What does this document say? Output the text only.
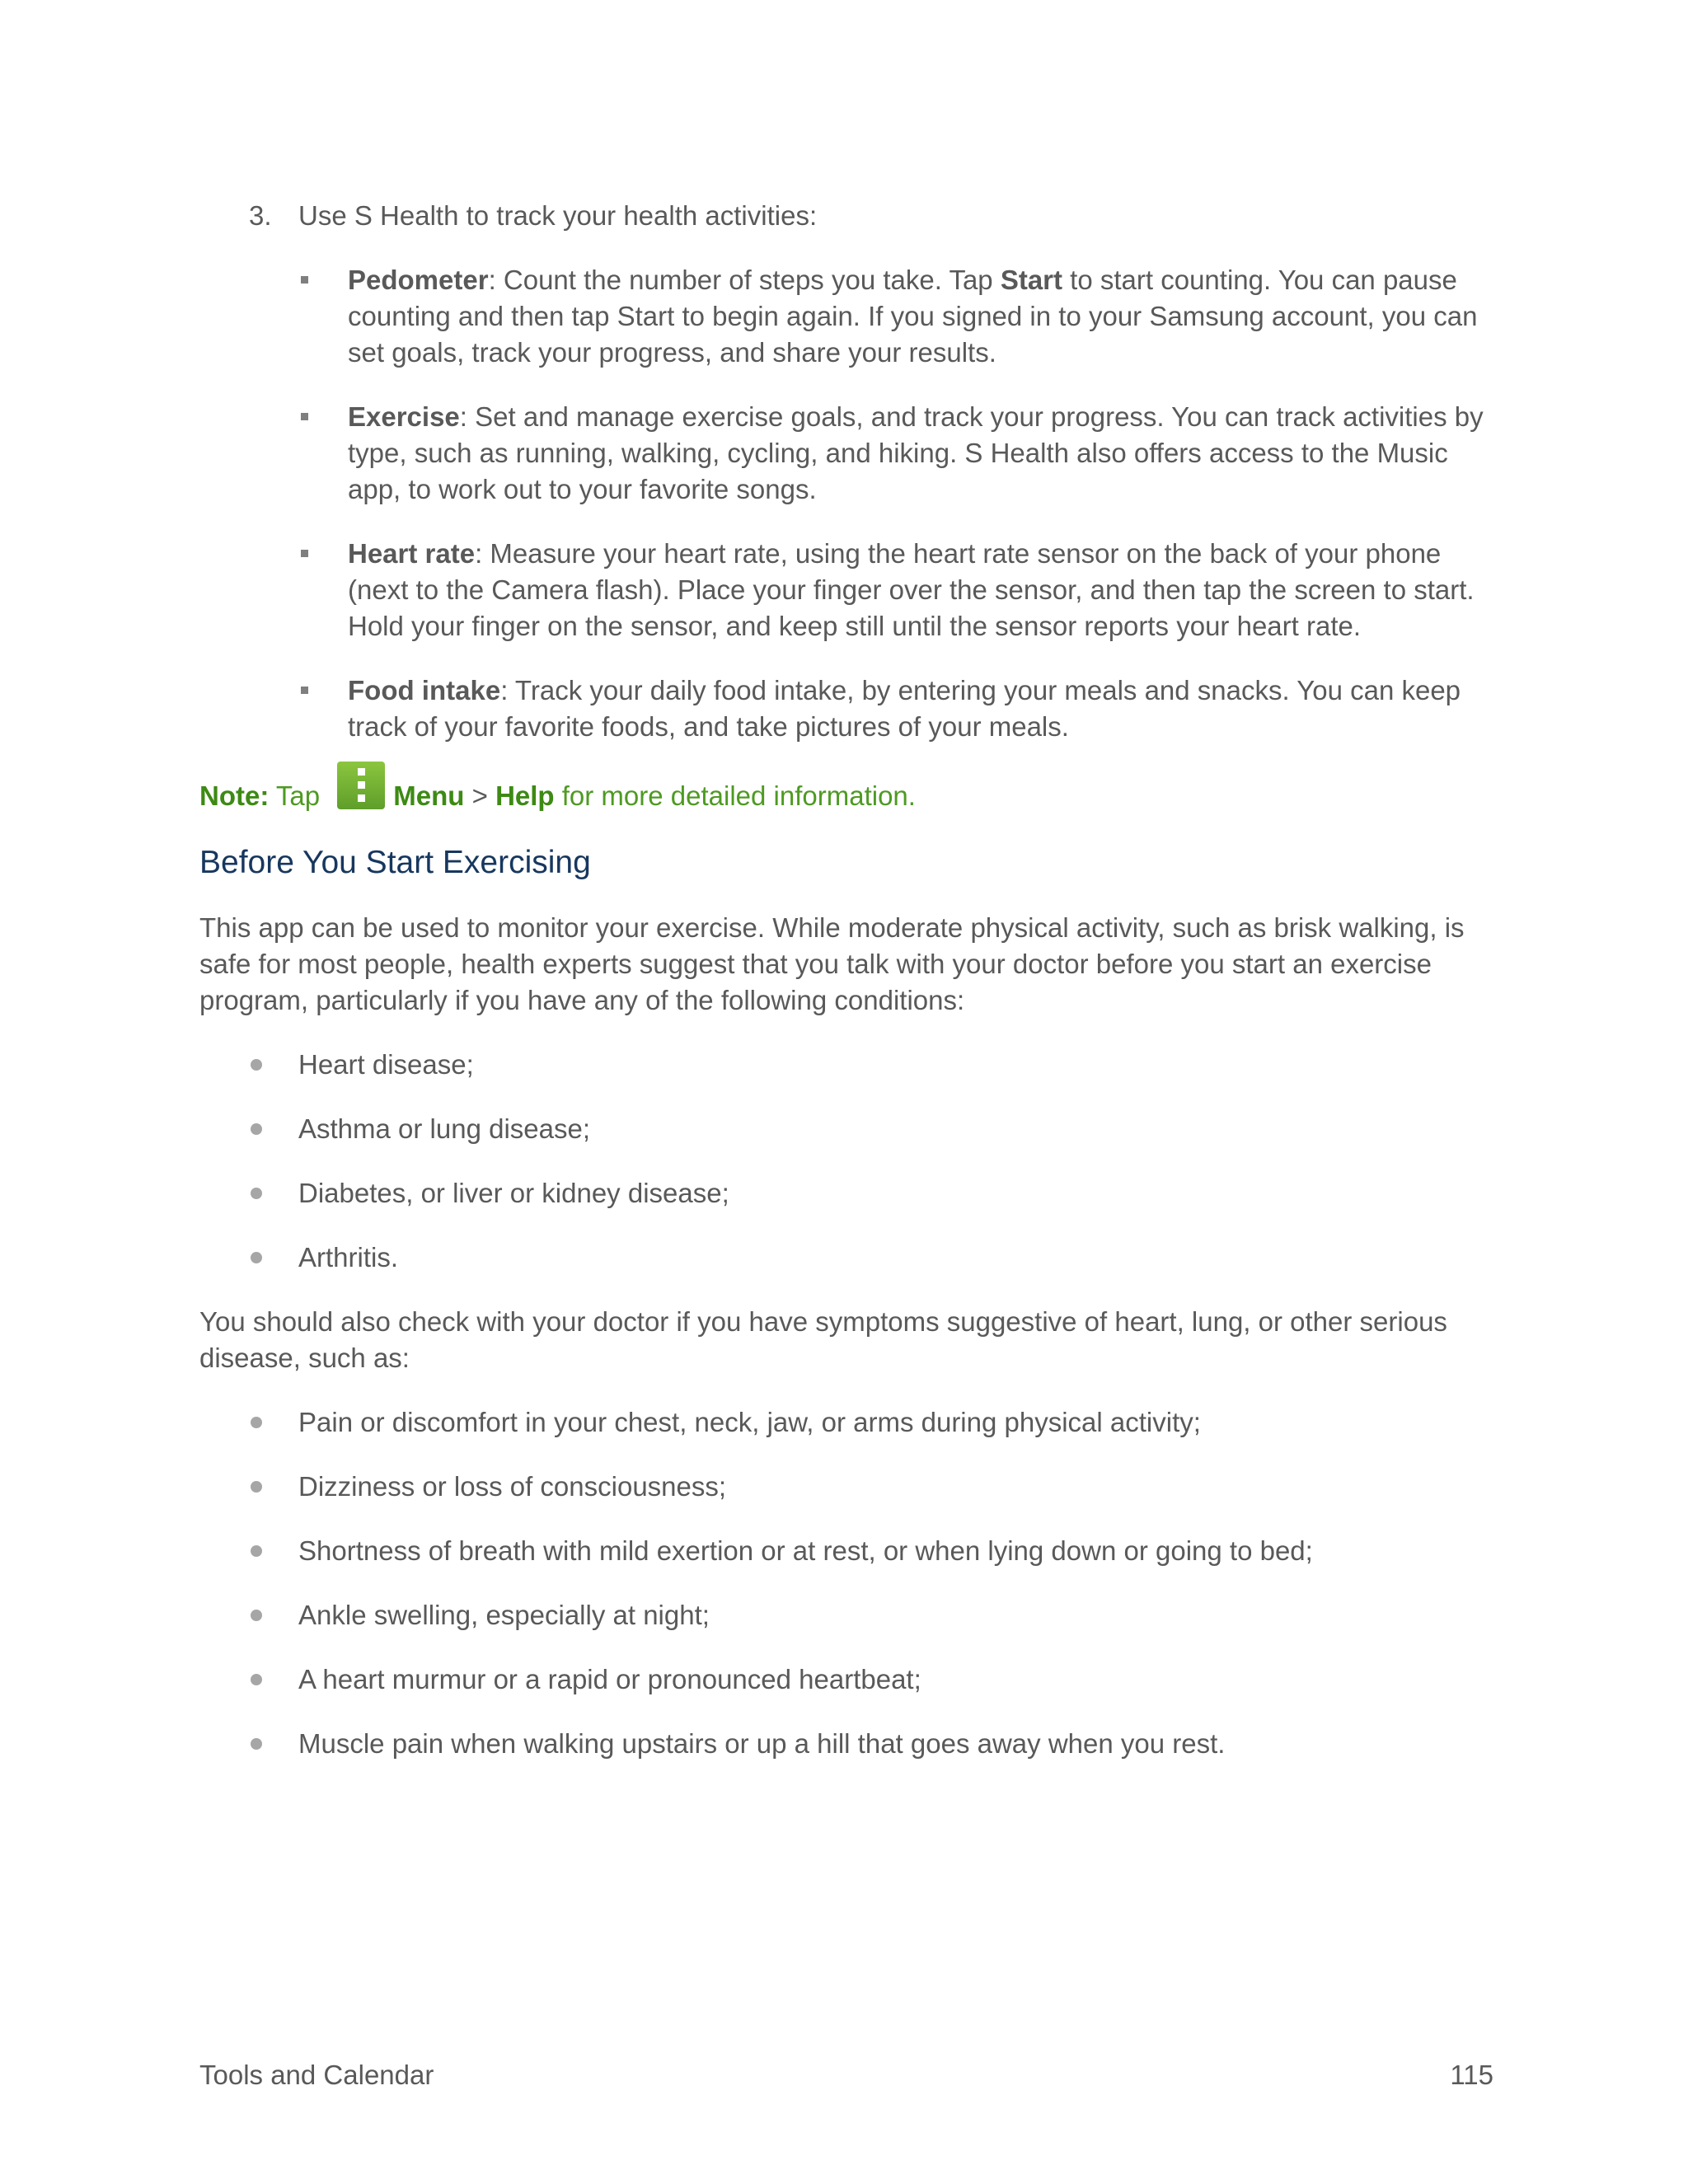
3. Use S Health to track your health activities:
Pedometer: Count the number of steps you take. Tap Start to start counting. You can pause counting and then tap Start to begin again. If you signed in to your Samsung account, you can set goals, track your progress, and share your results.
Exercise: Set and manage exercise goals, and track your progress. You can track activities by type, such as running, walking, cycling, and hiking. S Health also offers access to the Music app, to work out to your favorite songs.
Heart rate: Measure your heart rate, using the heart rate sensor on the back of your phone (next to the Camera flash). Place your finger over the sensor, and then tap the screen to start. Hold your finger on the sensor, and keep still until the sensor reports your heart rate.
Food intake: Track your daily food intake, by entering your meals and snacks. You can keep track of your favorite foods, and take pictures of your meals.
Note: Tap
Menu > Help for more detailed information.
Before You Start Exercising

This app can be used to monitor your exercise. While moderate physical activity, such as brisk walking, is safe for most people, health experts suggest that you talk with your doctor before you start an exercise program, particularly if you have any of the following conditions:

Heart disease;
Asthma or lung disease;
Diabetes, or liver or kidney disease;
Arthritis.

You should also check with your doctor if you have symptoms suggestive of heart, lung, or other serious disease, such as:

Pain or discomfort in your chest, neck, jaw, or arms during physical activity;
Dizziness or loss of consciousness;
Shortness of breath with mild exertion or at rest, or when lying down or going to bed;
Ankle swelling, especially at night;
A heart murmur or a rapid or pronounced heartbeat;
Muscle pain when walking upstairs or up a hill that goes away when you rest.
Tools and Calendar	115
